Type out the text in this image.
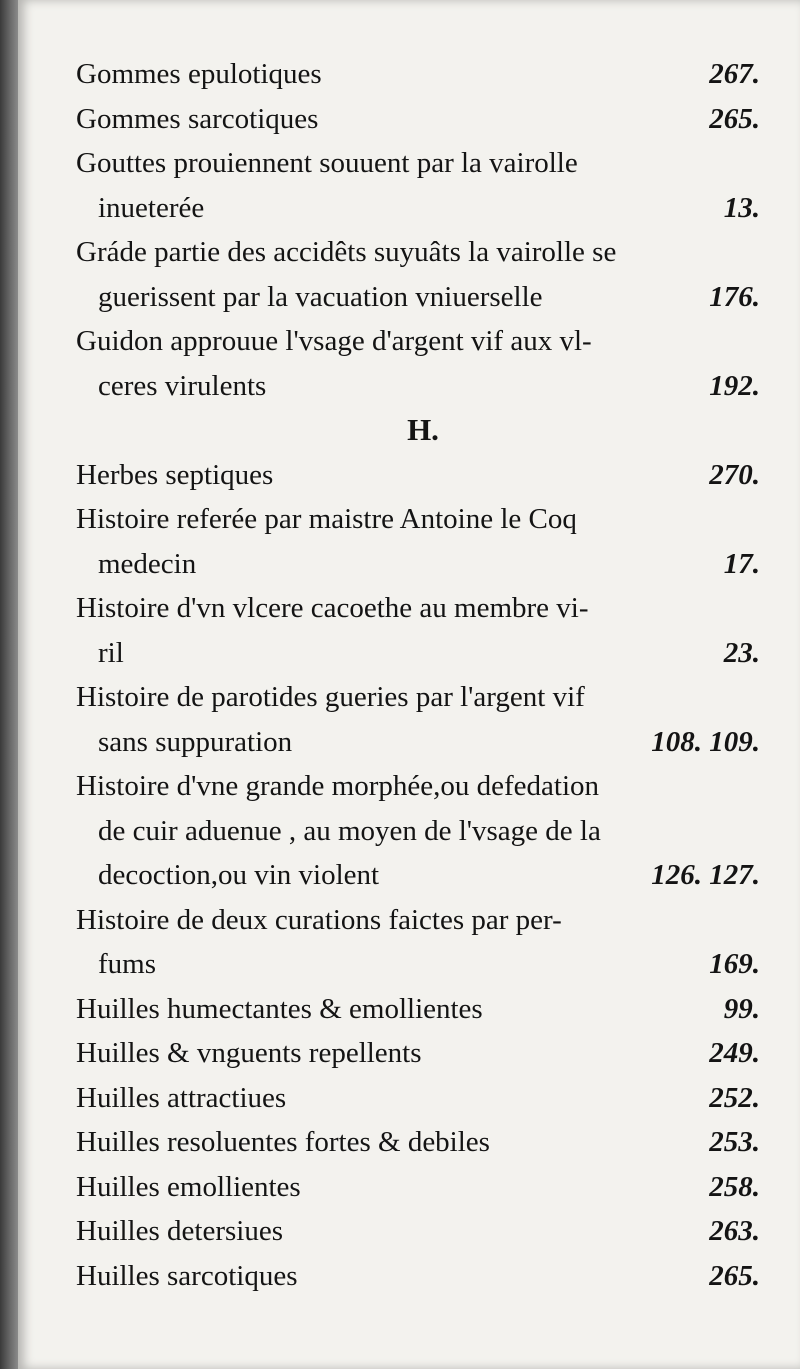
Gommes epulotiques	267.
Gommes sarcotiques	265.
Gouttes prouiennent souuent par la vairolle
inueterée	13.
Gráde partie des accidêts suyuâts la vairolle se
guerissent par la vacuation vniuerselle	176.
Guidon approuue l'vsage d'argent vif aux vl-
ceres virulents	192.
H.
Herbes septiques	270.
Histoire referée par maistre Antoine le Coq
medecin	17.
Histoire d'vn vlcere cacoethe au membre vi-
ril	23.
Histoire de parotides gueries par l'argent vif
sans suppuration	108. 109.
Histoire d'vne grande morphée,ou defedation
de cuir aduenue , au moyen de l'vsage de la
decoction,ou vin violent	126. 127.
Histoire de deux curations faictes par per-
fums	169.
Huilles humectantes & emollientes	99.
Huilles & vnguents repellents	249.
Huilles attractiues	252.
Huilles resoluentes fortes & debiles	253.
Huilles emollientes	258.
Huilles detersiues	263.
Huilles sarcotiques	265.
